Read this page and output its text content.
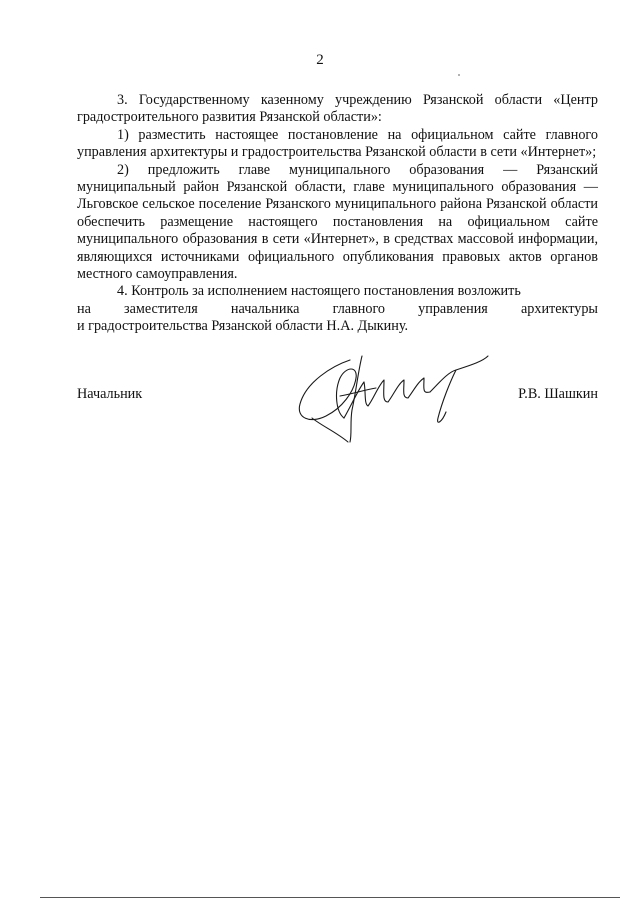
2

3. Государственному казенному учреждению Рязанской области «Центр градостроительного развития Рязанской области»:

1) разместить настоящее постановление на официальном сайте главного управления архитектуры и градостроительства Рязанской области в сети «Интернет»;

2) предложить главе муниципального образования — Рязанский муниципальный район Рязанской области, главе муниципального образования — Льговское сельское поселение Рязанского муниципального района Рязанской области обеспечить размещение настоящего постановления на официальном сайте муниципального образования в сети «Интернет», в средствах массовой информации, являющихся источниками официального опубликования правовых актов органов местного самоуправления.

4. Контроль за исполнением настоящего постановления возложить

на заместителя начальника главного управления архитектуры

и градостроительства Рязанской области Н.А. Дыкину.

Начальник	Р.В. Шашкин
